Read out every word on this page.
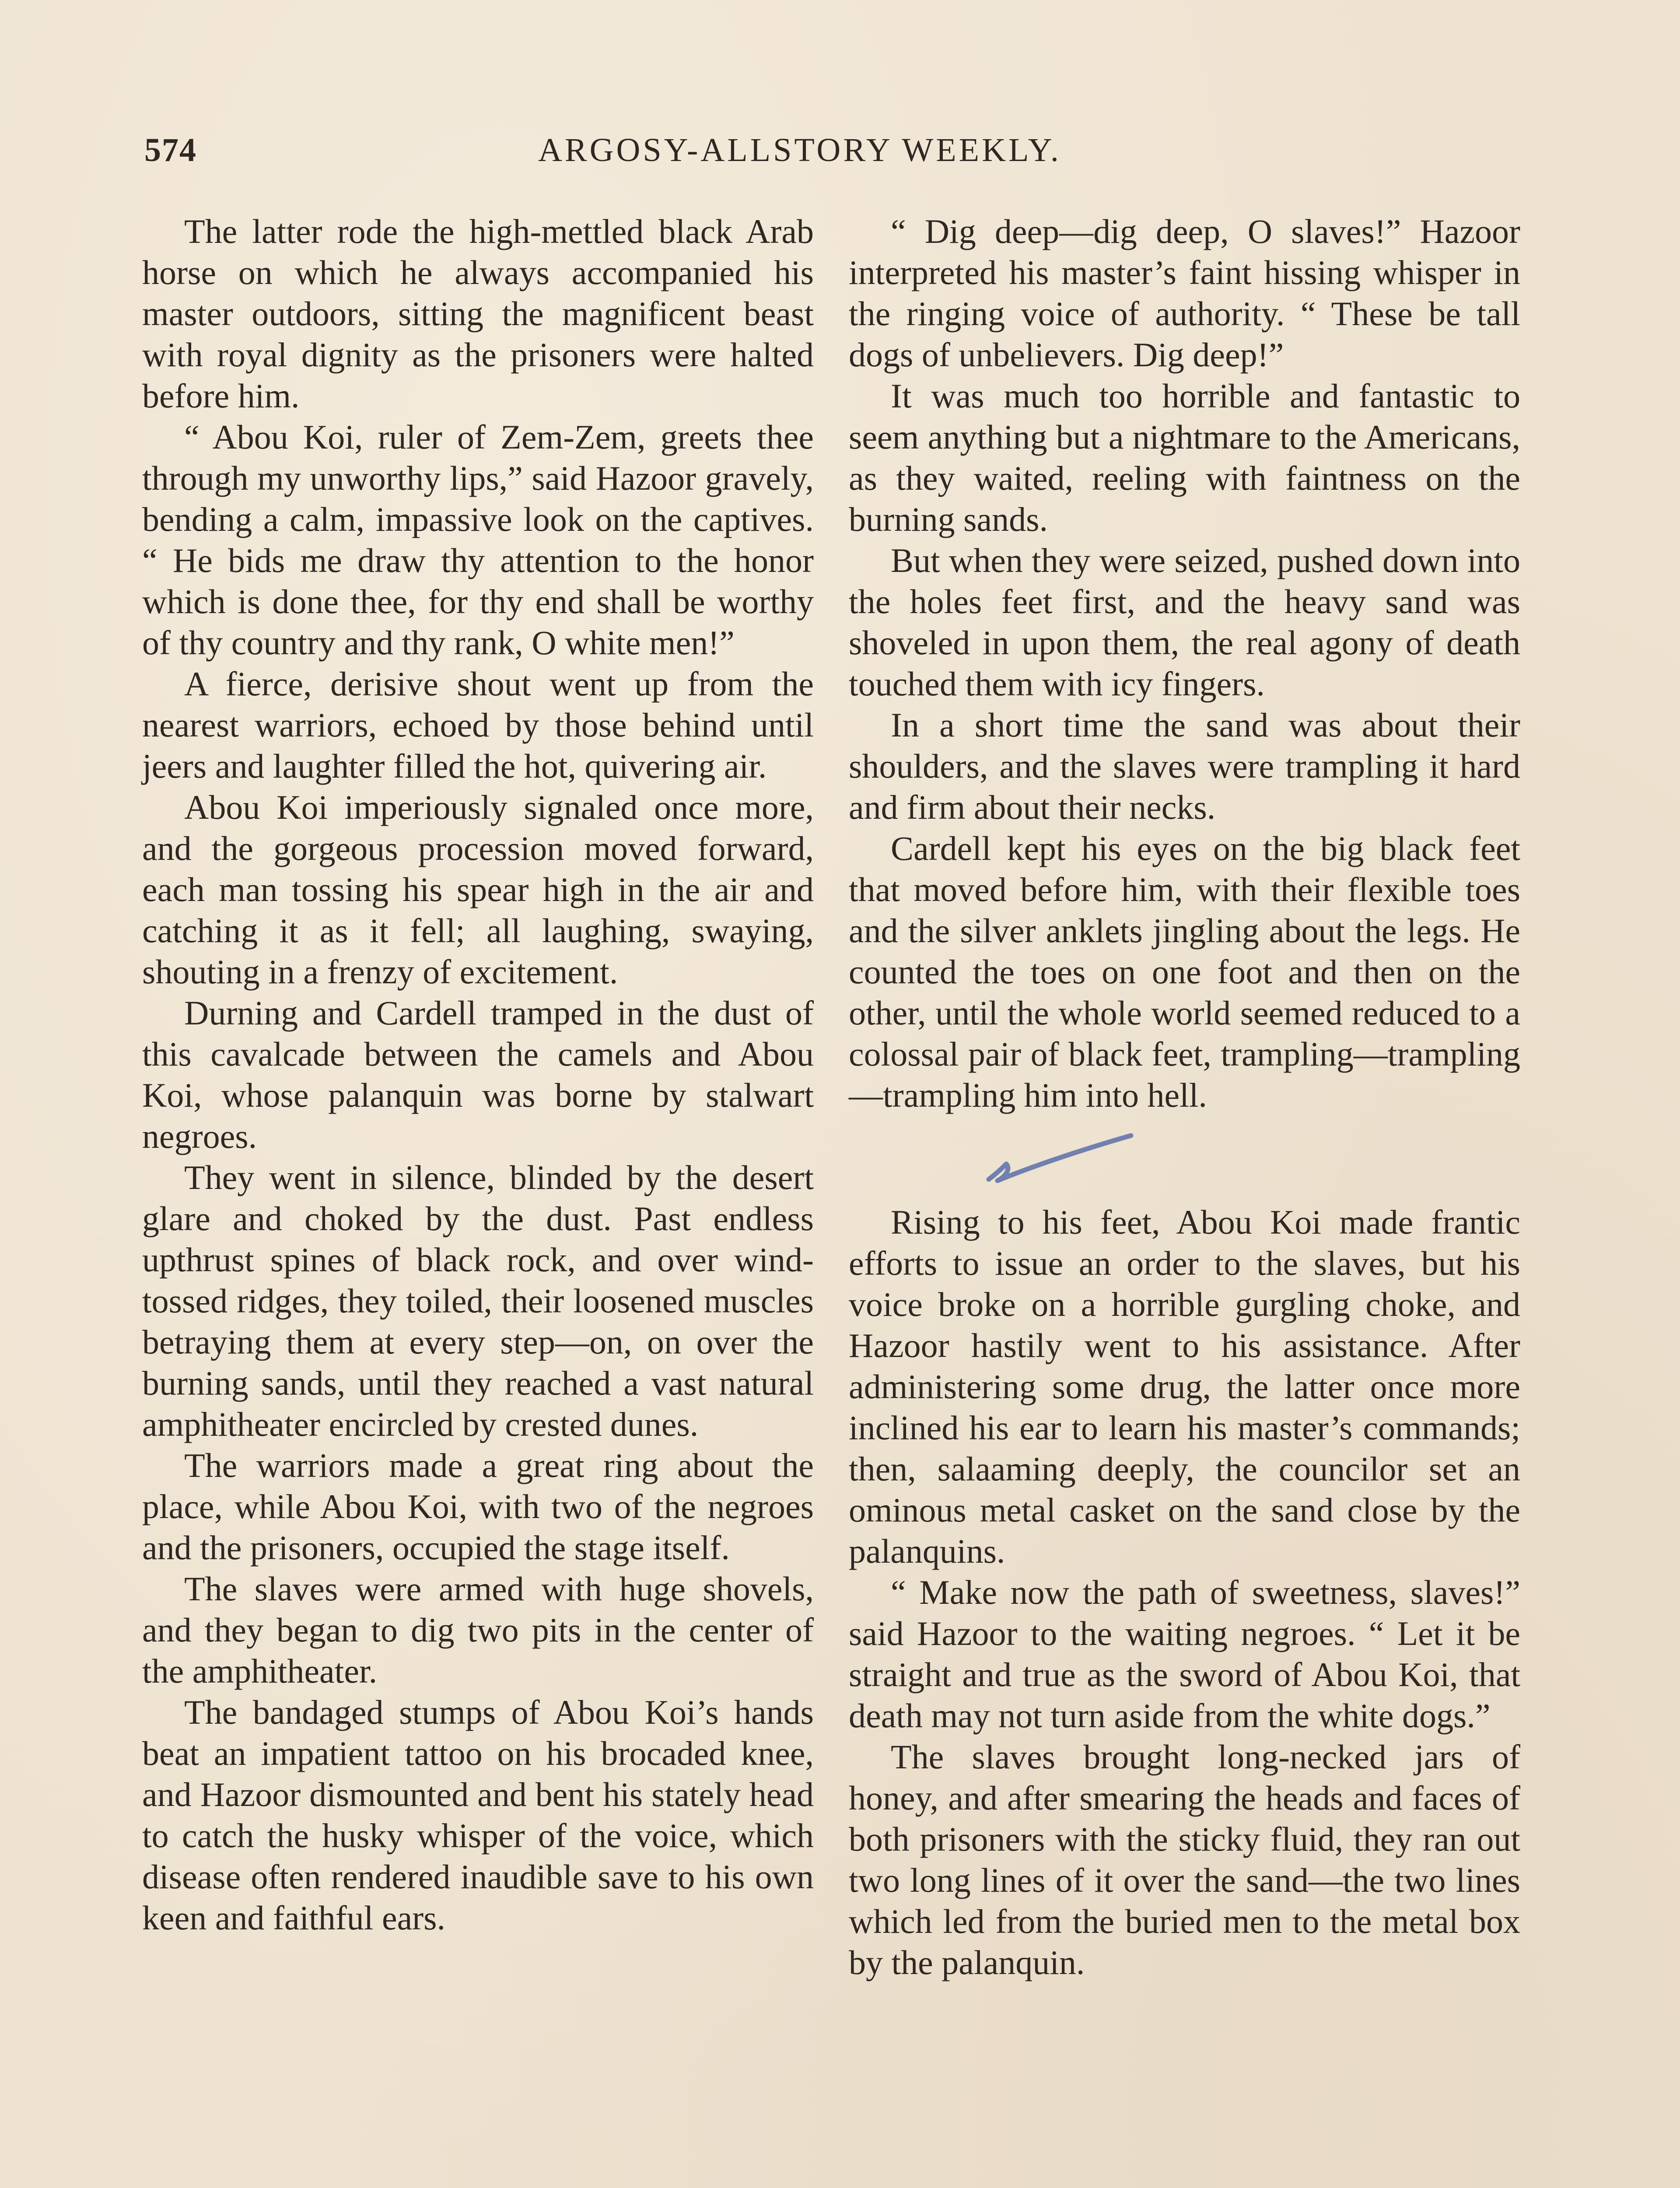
574	ARGOSY-ALLSTORY WEEKLY.

The latter rode the high-mettled black Arab horse on which he always accompanied his master outdoors, sitting the magnificent beast with royal dignity as the prisoners were halted before him.

“ Abou Koi, ruler of Zem-Zem, greets thee through my unworthy lips,” said Hazoor gravely, bending a calm, impassive look on the captives. “ He bids me draw thy attention to the honor which is done thee, for thy end shall be worthy of thy country and thy rank, O white men!”

A fierce, derisive shout went up from the nearest warriors, echoed by those behind until jeers and laughter filled the hot, quivering air.

Abou Koi imperiously signaled once more, and the gorgeous procession moved forward, each man tossing his spear high in the air and catching it as it fell; all laughing, swaying, shouting in a frenzy of excitement.

Durning and Cardell tramped in the dust of this cavalcade between the camels and Abou Koi, whose palanquin was borne by stalwart negroes.

They went in silence, blinded by the desert glare and choked by the dust. Past endless upthrust spines of black rock, and over wind-tossed ridges, they toiled, their loosened muscles betraying them at every step—on, on over the burning sands, until they reached a vast natural amphitheater encircled by crested dunes.

The warriors made a great ring about the place, while Abou Koi, with two of the negroes and the prisoners, occupied the stage itself.

The slaves were armed with huge shovels, and they began to dig two pits in the center of the amphitheater.

The bandaged stumps of Abou Koi’s hands beat an impatient tattoo on his brocaded knee, and Hazoor dismounted and bent his stately head to catch the husky whisper of the voice, which disease often rendered inaudible save to his own keen and faithful ears.

“ Dig deep—dig deep, O slaves!” Hazoor interpreted his master’s faint hissing whisper in the ringing voice of authority. “ These be tall dogs of unbelievers. Dig deep!”

It was much too horrible and fantastic to seem anything but a nightmare to the Americans, as they waited, reeling with faintness on the burning sands.

But when they were seized, pushed down into the holes feet first, and the heavy sand was shoveled in upon them, the real agony of death touched them with icy fingers.

In a short time the sand was about their shoulders, and the slaves were trampling it hard and firm about their necks.

Cardell kept his eyes on the big black feet that moved before him, with their flexible toes and the silver anklets jingling about the legs. He counted the toes on one foot and then on the other, until the whole world seemed reduced to a colossal pair of black feet, trampling—trampling—trampling him into hell.

Rising to his feet, Abou Koi made frantic efforts to issue an order to the slaves, but his voice broke on a horrible gurgling choke, and Hazoor hastily went to his assistance. After administering some drug, the latter once more inclined his ear to learn his master’s commands; then, salaaming deeply, the councilor set an ominous metal casket on the sand close by the palanquins.

“ Make now the path of sweetness, slaves!” said Hazoor to the waiting negroes. “ Let it be straight and true as the sword of Abou Koi, that death may not turn aside from the white dogs.”

The slaves brought long-necked jars of honey, and after smearing the heads and faces of both prisoners with the sticky fluid, they ran out two long lines of it over the sand—the two lines which led from the buried men to the metal box by the palanquin.
